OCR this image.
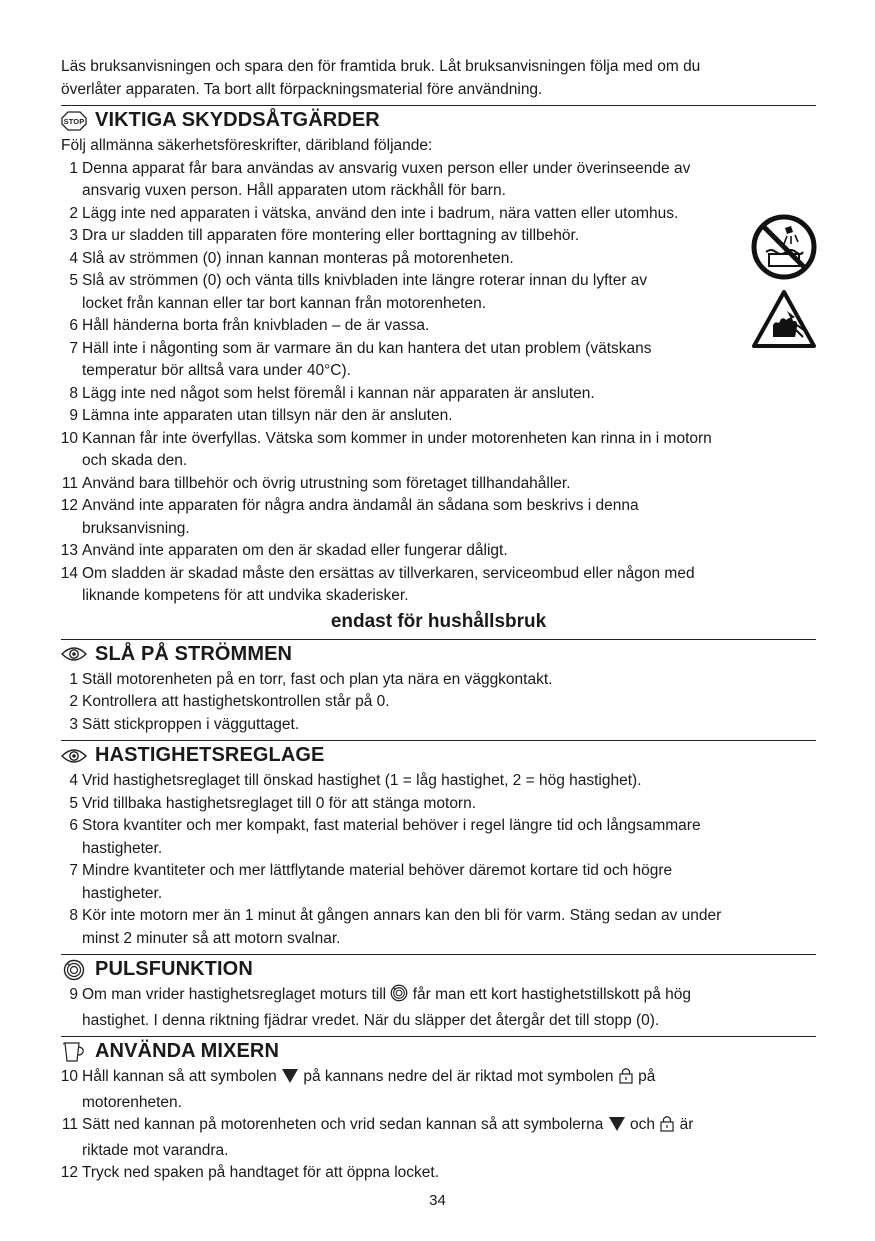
Läs bruksanvisningen och spara den för framtida bruk. Låt bruksanvisningen följa med om du

överlåter apparaten. Ta bort allt förpackningsmaterial före användning.

STOP VIKTIGA SKYDDSÅTGÄRDER

Följ allmänna säkerhetsföreskrifter, däribland följande:

1 Denna apparat får bara användas av ansvarig vuxen person eller under överinseende av
ansvarig vuxen person. Håll apparaten utom räckhåll för barn.
2 Lägg inte ned apparaten i vätska, använd den inte i badrum, nära vatten eller utomhus.
3 Dra ur sladden till apparaten före montering eller borttagning av tillbehör.
4 Slå av strömmen (0) innan kannan monteras på motorenheten.
5 Slå av strömmen (0) och vänta tills knivbladen inte längre roterar innan du lyfter av
locket från kannan eller tar bort kannan från motorenheten.
6 Håll händerna borta från knivbladen – de är vassa.
7 Häll inte i någonting som är varmare än du kan hantera det utan problem (vätskans
temperatur bör alltså vara under 40°C).
8 Lägg inte ned något som helst föremål i kannan när apparaten är ansluten.
9 Lämna inte apparaten utan tillsyn när den är ansluten.
10 Kannan får inte överfyllas. Vätska som kommer in under motorenheten kan rinna in i motorn
och skada den.
11 Använd bara tillbehör och övrig utrustning som företaget tillhandahåller.
12 Använd inte apparaten för några andra ändamål än sådana som beskrivs i denna
bruksanvisning.
13 Använd inte apparaten om den är skadad eller fungerar dåligt.
14 Om sladden är skadad måste den ersättas av tillverkaren, serviceombud eller någon med
liknande kompetens för att undvika skaderisker.
endast för hushållsbruk
SLÅ PÅ STRÖMMEN
1 Ställ motorenheten på en torr, fast och plan yta nära en väggkontakt.
2 Kontrollera att hastighetskontrollen står på 0.
3 Sätt stickproppen i vägguttaget.
HASTIGHETSREGLAGE
4 Vrid hastighetsreglaget till önskad hastighet (1 = låg hastighet, 2 = hög hastighet).
5 Vrid tillbaka hastighetsreglaget till 0 för att stänga motorn.
6 Stora kvantiter och mer kompakt, fast material behöver i regel längre tid och långsammare
hastigheter.
7 Mindre kvantiteter och mer lättflytande material behöver däremot kortare tid och högre
hastigheter.
8 Kör inte motorn mer än 1 minut åt gången annars kan den bli för varm. Stäng sedan av under
minst 2 minuter så att motorn svalnar.
PULSFUNKTION
9 Om man vrider hastighetsreglaget moturs till får man ett kort hastighetstillskott på hög
hastighet. I denna riktning fjädrar vredet. När du släpper det återgår det till stopp (0).
ANVÄNDA MIXERN
10 Håll kannan så att symbolen på kannans nedre del är riktad mot symbolen på
motorenheten.
11 Sätt ned kannan på motorenheten och vrid sedan kannan så att symbolerna och är
riktade mot varandra.
12 Tryck ned spaken på handtaget för att öppna locket.

34
